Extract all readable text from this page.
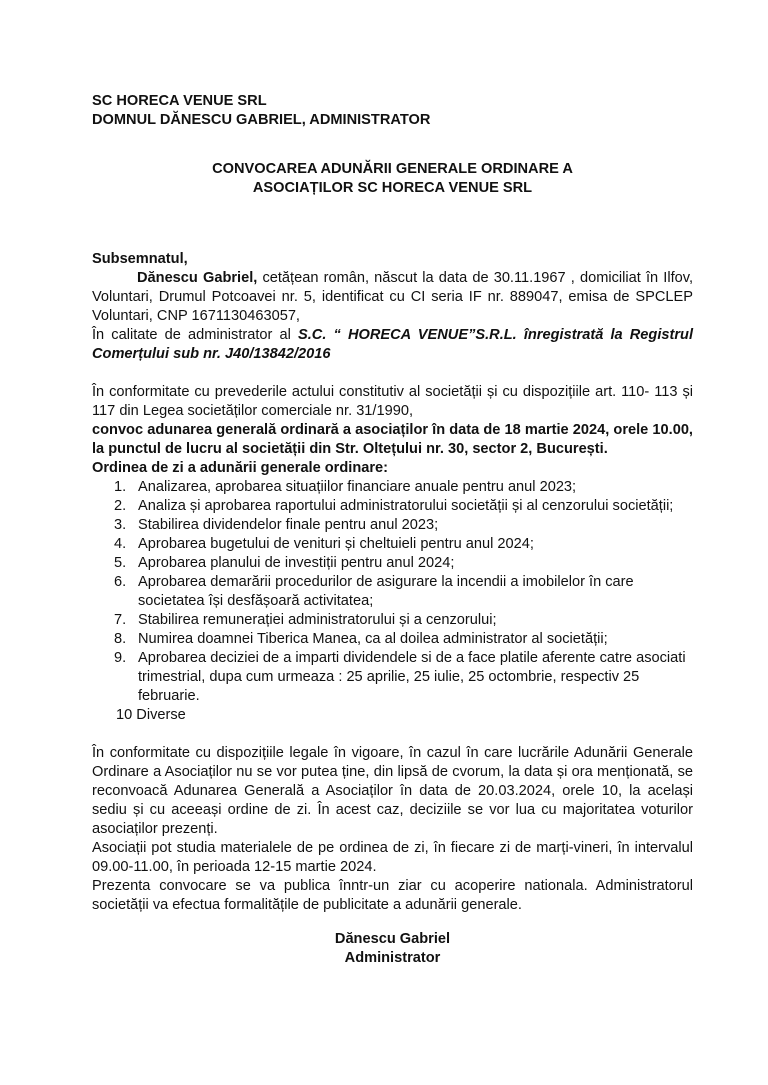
SC HORECA VENUE SRL

DOMNUL DĂNESCU GABRIEL, ADMINISTRATOR

CONVOCAREA ADUNĂRII GENERALE ORDINARE A

ASOCIAȚILOR SC HORECA VENUE SRL

Subsemnatul,

Dănescu Gabriel, cetățean român, născut la data de 30.11.1967 , domiciliat în Ilfov, Voluntari, Drumul Potcoavei nr. 5, identificat cu CI seria IF nr. 889047, emisa de SPCLEP Voluntari, CNP 1671130463057,

În calitate de administrator al S.C. “ HORECA VENUE”S.R.L. înregistrată la Registrul Comerțului sub nr. J40/13842/2016

În conformitate cu prevederile actului constitutiv al societății și cu dispozițiile art. 110- 113 și 117 din Legea societăților comerciale nr. 31/1990,

convoc adunarea generală ordinară a asociaților în data de 18 martie 2024, orele 10.00, la punctul de lucru al societății din Str. Oltețului nr. 30, sector 2, București.

Ordinea de zi a adunării generale ordinare:

1. Analizarea, aprobarea situațiilor financiare anuale pentru anul 2023;
2. Analiza și aprobarea raportului administratorului societății și al cenzorului societății;
3. Stabilirea dividendelor finale pentru anul 2023;
4. Aprobarea bugetului de venituri și cheltuieli pentru anul 2024;
5. Aprobarea planului de investiții pentru anul 2024;
6. Aprobarea demarării procedurilor de asigurare la incendii a imobilelor în care societatea își desfășoară activitatea;
7. Stabilirea remunerației administratorului și a cenzorului;
8. Numirea doamnei Tiberica Manea, ca al doilea administrator al societății;
9. Aprobarea deciziei de a imparti dividendele si de a face platile aferente catre asociati trimestrial, dupa cum urmeaza : 25 aprilie, 25 iulie, 25 octombrie, respectiv 25 februarie.

10 Diverse

În conformitate cu dispozițiile legale în vigoare, în cazul în care lucrările Adunării Generale Ordinare a Asociaților nu se vor putea ține, din lipsă de cvorum, la data și ora menționată, se reconvoacă Adunarea Generală a Asociaților în data de 20.03.2024, orele 10, la același sediu și cu aceeași ordine de zi. În acest caz, deciziile se vor lua cu majoritatea voturilor asociaților prezenți.

Asociații pot studia materialele de pe ordinea de zi, în fiecare zi de marți-vineri, în intervalul 09.00-11.00, în perioada 12-15 martie 2024.

Prezenta convocare se va publica înntr-un ziar cu acoperire nationala. Administratorul societății va efectua formalitățile de publicitate a adunării generale.

Dănescu Gabriel

Administrator
